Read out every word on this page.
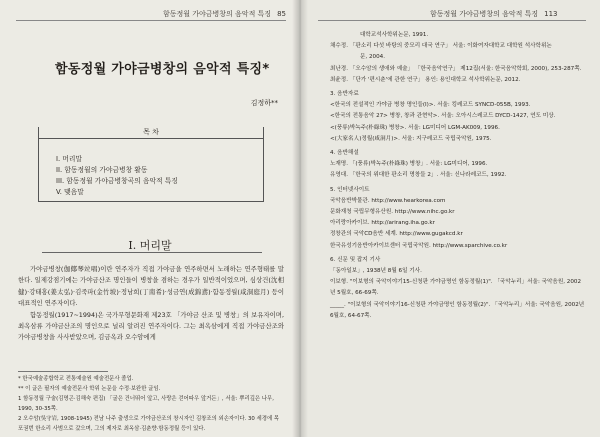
함동정월 가야금병창의 음악적 특징 85
함동정월 가야금병창의 음악적 특징*
김정하**
목 차
I. 머리말
II. 함동정월의 가야금병창 활동
III. 함동정월 가야금병창곡의 음악적 특징
V. 맺음말
I. 머리말

가야금병창(伽倻琴竝唱)이란 연주자가 직접 가야금을 연주하면서 노래하는 연주형태를 말한다. 일제강점기에는 가야금산조 명인들이 병창을 겸하는 경우가 일반적이었으며, 심상건(沈相健)·강태홍(姜太弘)·김죽파(金竹坡)·정남희(丁南希)·성금연(成錦鳶)·함동정월(咸洞庭月) 등이 대표적인 연주자이다.

함동정월(1917~1994)은 국가무형문화재 제23호 「가야금 산조 및 병창」의 보유자이며, 최옥삼류 가야금산조의 명인으로 널리 알려진 연주자이다. 그는 최옥삼에게 직접 가야금산조와 가야금병창을 사사받았으며, 김금옥과 오수암에게

* 한국예술종합학교 전통예술원 예술전문사 졸업.
** 이 글은 필자의 예술전문사 학위 논문을 수정·보완한 글임.
1 함동정월 구술(김명곤·김해숙 편집) 「굴은 건너뛰어 앞고, 사랑은 걷어따우 앞거든」, 서울: 뿌리깊은 나무, 1990, 30-35쪽.
2 오수암(吳守岩, 1908-1945) 전남 나주 출생으로 가야금산조의 창시자인 김창조의 외손자이다. 30 세경에 목포권번 한소리 사범으로 갔으며, 그의 제자로 최옥삼·김춘향·함동정월 등이 있다.
함동정월 가야금병창의 음악적 특징 113
대학교석사학위논문, 1991.
채수정. 「판소리 다섯 바탕의 중모리 대국 연구」 서울: 이화여자대학교 대학원 석사학위논
문, 2004.
최난경. 「오수암의 생애와 예술」 「한국음악연구」 제12집(서울: 한국음악학회, 2000), 253-287쪽.
최윤정. 「단가 '편시춘'에 관한 연구」 용인: 용인대학교 석사학위논문, 2012.
3. 음반자료
<한국의 전설적인 가야금 병창 명인들(I)>. 서울: 킹레코드 SYNCD-055B, 1993.
<한국의 전통음악 27> 병창, 창과 관현악>. 서울: 오아시스레코드 DYCD-1427, 연도 미상.
<(풍류)박녹주(朴綠珠) 병창>. 서울: LG미디어 LGM-AK009, 1996.
<(大家名人)정월(咸洞月)>. 서울: 지구레코드 국립국악원, 1975.
4. 음반해설
노재명. 「(풍류)박녹주(朴綠珠) 병창」. 서울: LG미디어, 1996.
유영대. 「한국의 위대한 판소리 명창들 2」. 서울: 신나라레코드, 1992.
5. 인터넷사이트
국악음반박물관. http://www.hearkorea.com
문화재청 국립무형유산원. http://www.nihc.go.kr
아리랑아카이브. http://arirang.iha.go.kr
정창관의 국악CD음반 세계. http://www.gugakcd.kr
한국유성기음반아카이브센터 국립국악원. http://www.sparchive.co.kr
6. 신문 및 잡지 기사
「동아일보」, 1938년 8월 6일 기사.
이보형. "이보형의 국악이야기15-신청판 가야금명인 함동정월(1)". 「국악누리」서울: 국악음원, 2002년 5월호, 66-69쪽.
_____. "이보형의 국악이야기16-신청판 가야금명인 함동정월(2)". 「국악누리」서울: 국악음원, 2002년 6월호, 64-67쪽.
